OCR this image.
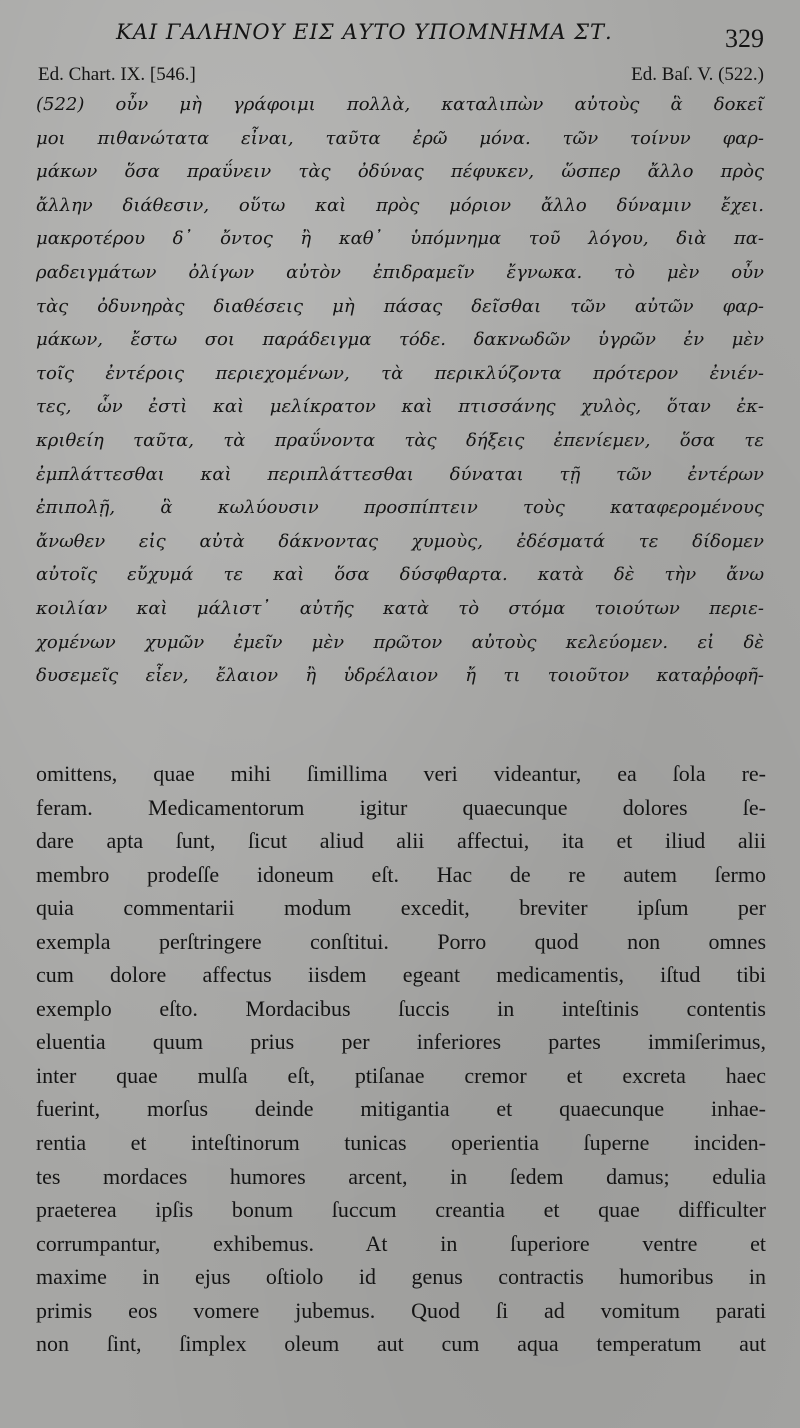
ΚΑΙ ΓΑΛΗΝΟΥ ΕΙΣ ΑΥΤΟ ΥΠΟΜΝΗΜΑ ΣΤ.	329
Ed. Chart. IX. [546.]	Ed. Baſ. V. (522.)
(522) οὖν μὴ γράφοιμι πολλὰ, καταλιπὼν αὐτοὺς ἃ δοκεῖ
μοι πιθανώτατα εἶναι, ταῦτα ἐρῶ μόνα. τῶν τοίνυν φαρ-
μάκων ὅσα πραΰνειν τὰς ὀδύνας πέφυκεν, ὥσπερ ἄλλο πρὸς
ἄλλην διάθεσιν, οὕτω καὶ πρὸς μόριον ἄλλο δύναμιν ἔχει.
μακροτέρου δ᾽ ὄντος ἢ καθ᾽ ὑπόμνημα τοῦ λόγου, διὰ πα-
ραδειγμάτων ὀλίγων αὐτὸν ἐπιδραμεῖν ἔγνωκα. τὸ μὲν οὖν
τὰς ὀδυνηρὰς διαθέσεις μὴ πάσας δεῖσθαι τῶν αὐτῶν φαρ-
μάκων, ἔστω σοι παράδειγμα τόδε. δακνωδῶν ὑγρῶν ἐν μὲν
τοῖς ἐντέροις περιεχομένων, τὰ περικλύζοντα πρότερον ἐνιέν-
τες, ὧν ἐστὶ καὶ μελίκρατον καὶ πτισσάνης χυλὸς, ὅταν ἐκ-
κριθείη ταῦτα, τὰ πραΰνοντα τὰς δήξεις ἐπενίεμεν, ὅσα τε
ἐμπλάττεσθαι καὶ περιπλάττεσθαι δύναται τῇ τῶν ἐντέρων
ἐπιπολῇ, ἃ κωλύουσιν προσπίπτειν τοὺς καταφερομένους
ἄνωθεν εἰς αὐτὰ δάκνοντας χυμοὺς, ἐδέσματά τε δίδομεν
αὐτοῖς εὔχυμά τε καὶ ὅσα δύσφθαρτα. κατὰ δὲ τὴν ἄνω
κοιλίαν καὶ μάλιστ᾽ αὐτῆς κατὰ τὸ στόμα τοιούτων περιε-
χομένων χυμῶν ἐμεῖν μὲν πρῶτον αὐτοὺς κελεύομεν. εἰ δὲ
δυσεμεῖς εἶεν, ἔλαιον ἢ ὑδρέλαιον ἤ τι τοιοῦτον καταῤῥοφῆ-
omittens, quae mihi ſimillima veri videantur, ea ſola re-
feram. Medicamentorum igitur quaecunque dolores ſe-
dare apta ſunt, ſicut aliud alii affectui, ita et iliud alii
membro prodeſſe idoneum eſt. Hac de re autem ſermo
quia commentarii modum excedit, breviter ipſum per
exempla perſtringere conſtitui. Porro quod non omnes
cum dolore affectus iisdem egeant medicamentis, iſtud tibi
exemplo eſto. Mordacibus ſuccis in inteſtinis contentis
eluentia quum prius per inferiores partes immiſerimus,
inter quae mulſa eſt, ptiſanae cremor et excreta haec
fuerint, morſus deinde mitigantia et quaecunque inhae-
rentia et inteſtinorum tunicas operientia ſuperne inciden-
tes mordaces humores arcent, in ſedem damus; edulia
praeterea ipſis bonum ſuccum creantia et quae difficulter
corrumpantur, exhibemus. At in ſuperiore ventre et
maxime in ejus oſtiolo id genus contractis humoribus in
primis eos vomere jubemus. Quod ſi ad vomitum parati
non ſint, ſimplex oleum aut cum aqua temperatum aut
